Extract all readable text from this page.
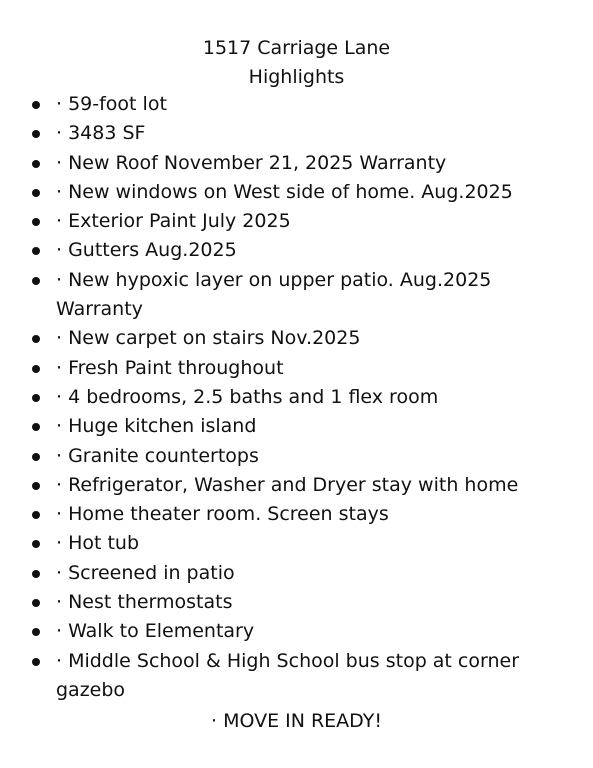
1517 Carriage Lane
Highlights
· 59-foot lot
· 3483 SF
· New Roof November 21, 2025 Warranty
· New windows on West side of home. Aug.2025
· Exterior Paint July 2025
· Gutters Aug.2025
· New hypoxic layer on upper patio. Aug.2025 Warranty
· New carpet on stairs Nov.2025
· Fresh Paint throughout
· 4 bedrooms, 2.5 baths and 1 flex room
· Huge kitchen island
· Granite countertops
· Refrigerator, Washer and Dryer stay with home
· Home theater room. Screen stays
· Hot tub
· Screened in patio
· Nest thermostats
· Walk to Elementary
· Middle School & High School bus stop at corner gazebo
· MOVE IN READY!
